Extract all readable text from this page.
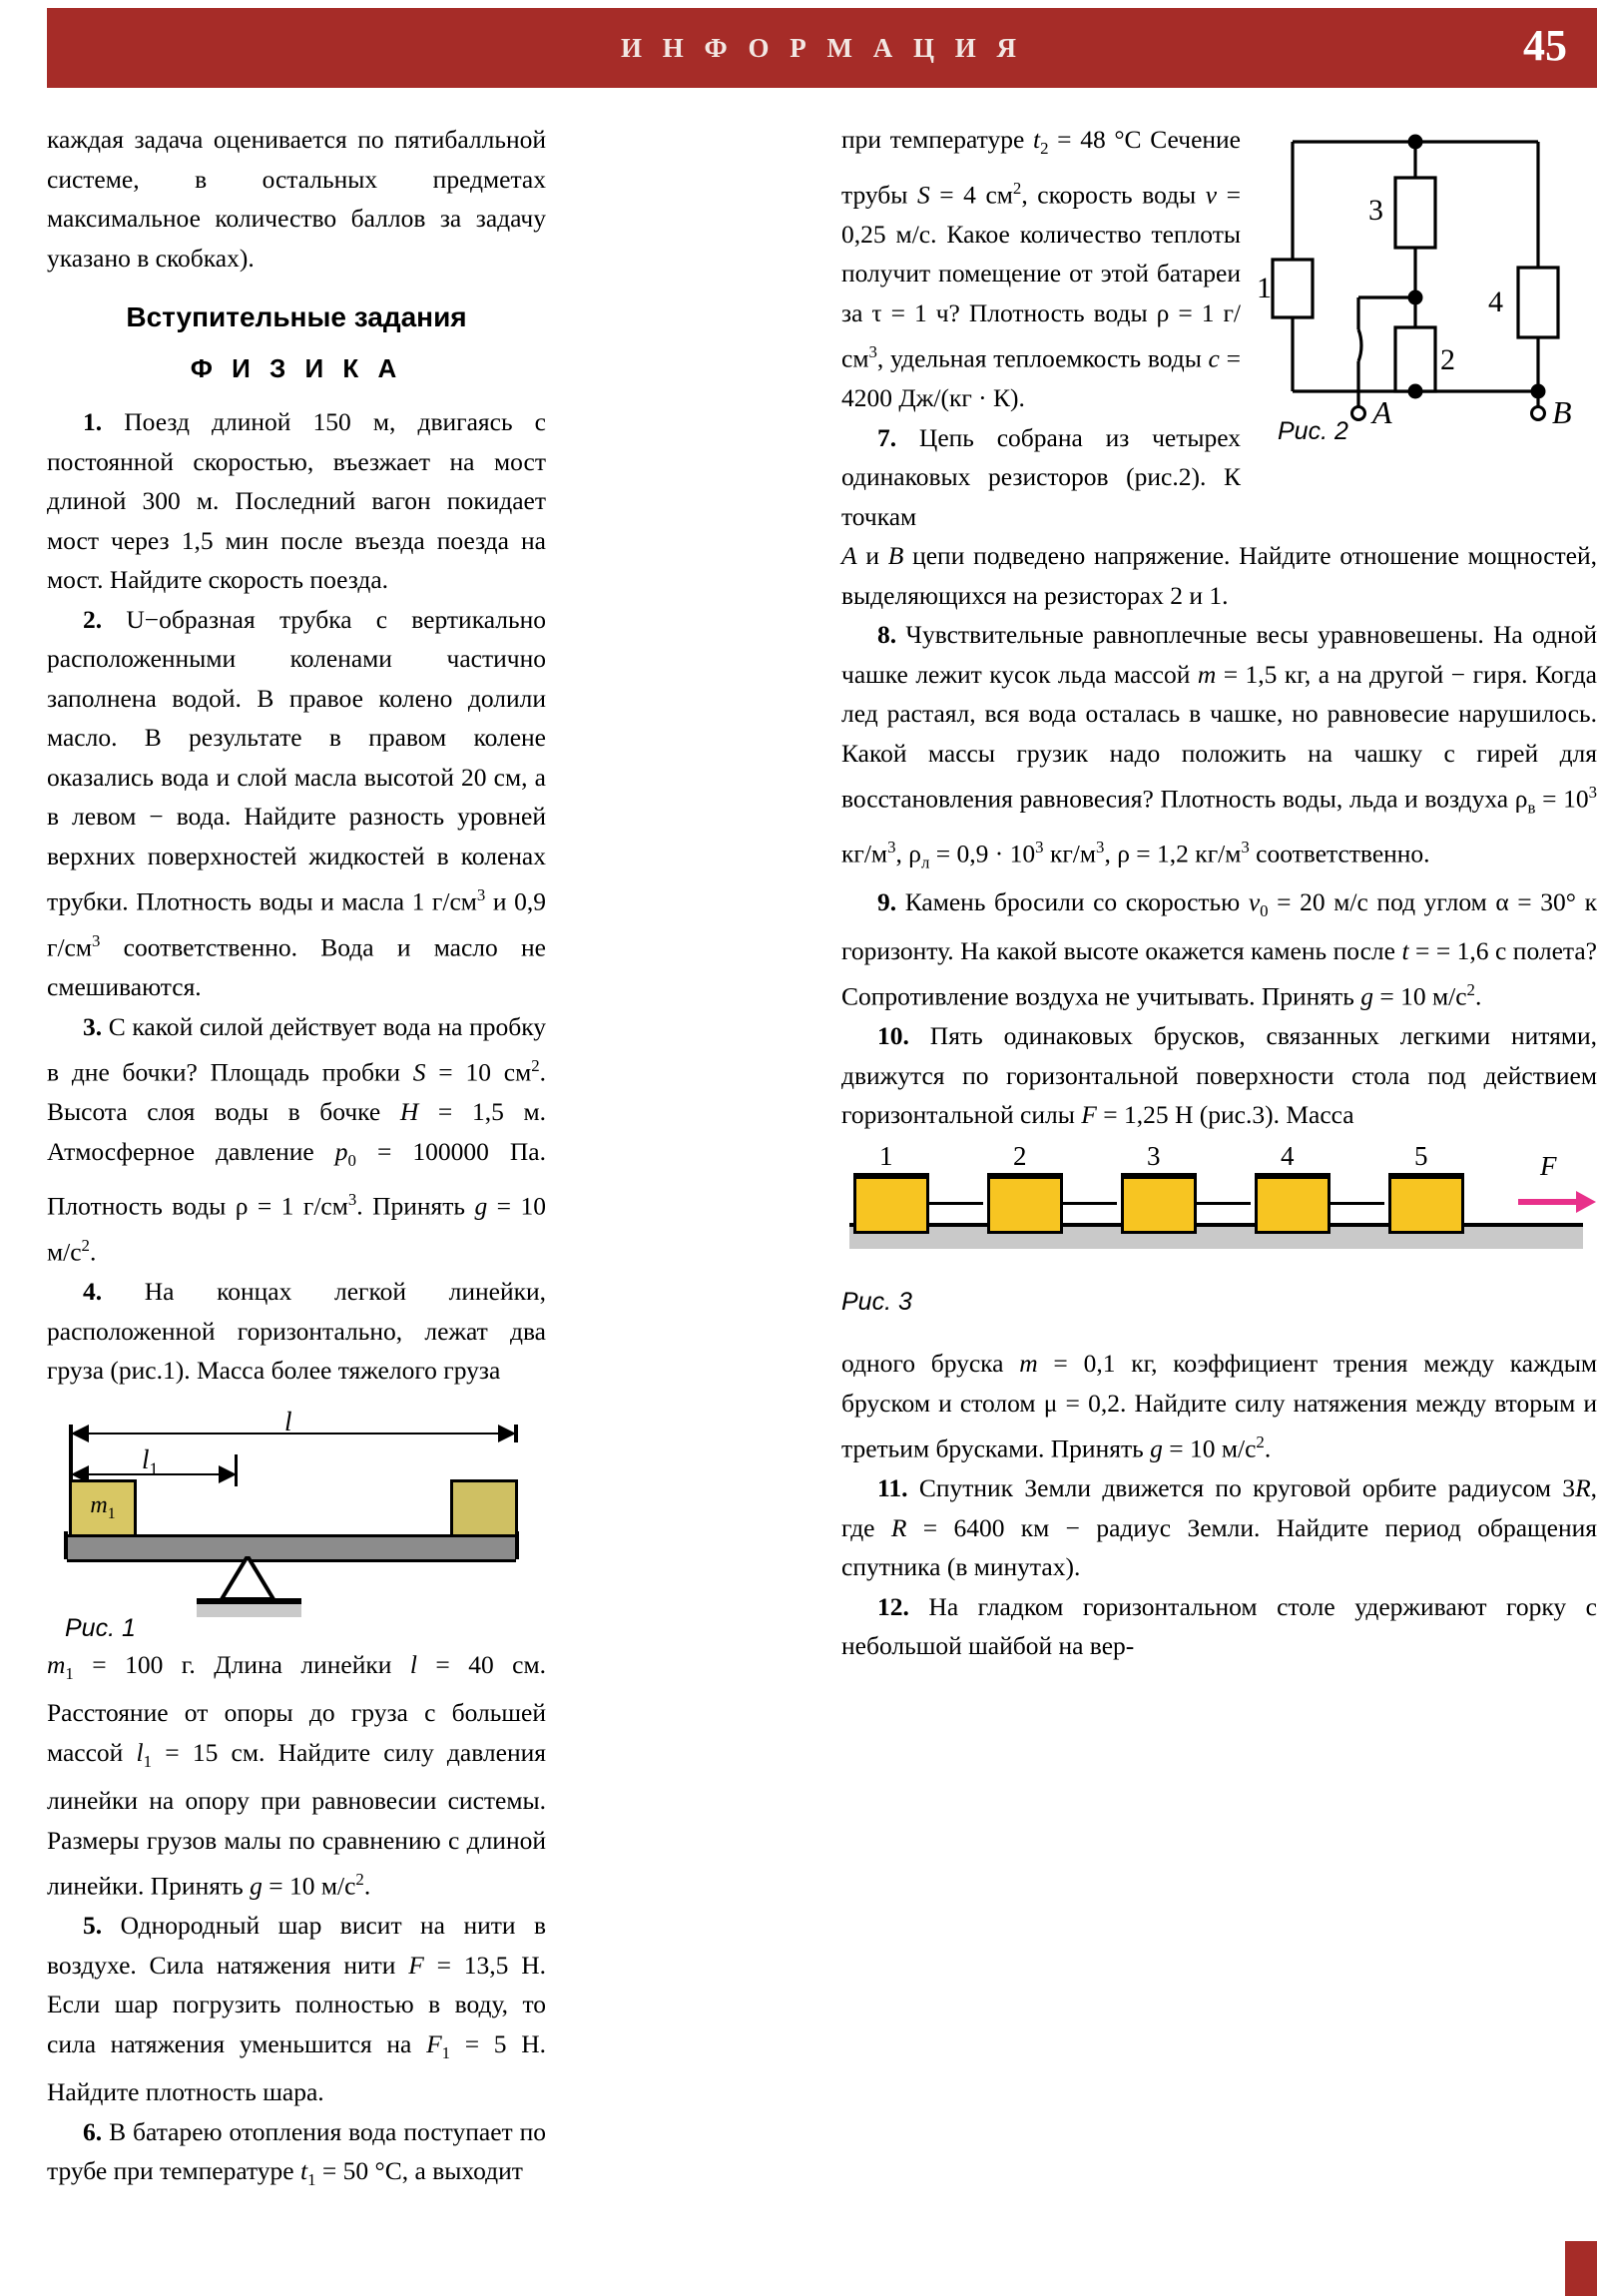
И Н Ф О Р М А Ц И Я	45

каждая задача оценивается по пятибалльной системе, в остальных предметах максимальное количество баллов за задачу указано в скобках).

Вступительные задания

Ф И З И К А

1. Поезд длиной 150 м, двигаясь с постоянной скоростью, въезжает на мост длиной 300 м. Последний вагон покидает мост через 1,5 мин после въезда поезда на мост. Найдите скорость поезда.

2. U−образная трубка с вертикально расположенными коленами частично заполнена водой. В правое колено долили масло. В результате в правом колене оказались вода и слой масла высотой 20 см, а в левом − вода. Найдите разность уровней верхних поверхностей жидкостей в коленах трубки. Плотность воды и масла 1 $г/см^3$ и 0,9 $г/см^3$ соответственно. Вода и масло не смешиваются.

3. С какой силой действует вода на пробку в дне бочки? Площадь пробки S = 10 $см^2$. Высота слоя воды в бочке H = 1,5 м. Атмосферное давление $p_0 = 100000$ Па. Плотность воды ρ = 1 $г/см^3$. Принять g = 10 $м/с^2$.

4. На концах легкой линейки, расположенной горизонтально, лежат два груза (рис.1). Масса более тяжелого груза

l
$l_1$
$m_1$
Рис. 1

$m_1 = 100$ г. Длина линейки l = 40 см. Расстояние от опоры до груза с большей массой $l_1 = 15$ см. Найдите силу давления линейки на опору при равновесии системы. Размеры грузов малы по сравнению с длиной линейки. Принять g = 10 $м/с^2$.

5. Однородный шар висит на нити в воздухе. Сила натяжения нити F = 13,5 Н. Если шар погрузить полностью в воду, то сила натяжения уменьшится на $F_1 = 5$ Н. Найдите плотность шара.

6. В батарею отопления вода поступает по трубе при температуре $t_1 = 50$ °С, а выходит

при температуре $t_2 = 48$ °С Сечение трубы S = 4 $см^2$, скорость воды v = 0,25 м/с. Какое количество теплоты получит помещение от этой батареи за τ = 1 ч? Плотность воды ρ = 1 $г/см^3$, удельная теплоемкость воды c = 4200 Дж/(кг · К).

7. Цепь собрана из четырех одинаковых резисторов (рис.2). К точкам

A и B цепи подведено напряжение. Найдите отношение мощностей, выделяющихся на резисторах 2 и 1.

8. Чувствительные равноплечные весы уравновешены. На одной чашке лежит кусок льда массой m = 1,5 кг, а на другой − гиря. Когда лед растаял, вся вода осталась в чашке, но равновесие нарушилось. Какой массы грузик надо положить на чашку с гирей для восстановления равновесия? Плотность воды, льда и воздуха $\rho_в = 10^3$ $кг/м^3$, $\rho_л = 0,9 \cdot 10^3$ $кг/м^3$, ρ = 1,2 $кг/м^3$ соответственно.

9. Камень бросили со скоростью $v_0 = 20$ м/с под углом α = 30° к горизонту. На какой высоте окажется камень после t = = 1,6 с полета? Сопротивление воздуха не учитывать. Принять g = 10 $м/с^2$.

10. Пять одинаковых брусков, связанных легкими нитями, движутся по горизонтальной поверхности стола под действием горизонтальной силы F = 1,25 Н (рис.3). Масса

1	2	3	4	5	F
Рис. 3

одного бруска m = 0,1 кг, коэффициент трения между каждым бруском и столом μ = 0,2. Найдите силу натяжения между вторым и третьим брусками. Принять g = 10 $м/с^2$.

11. Спутник Земли движется по круговой орбите радиусом 3R, где R = 6400 км − радиус Земли. Найдите период обращения спутника (в минутах).

12. На гладком горизонтальном столе удерживают горку с небольшой шайбой на вер-

1
3
2
4
A	B
Рис. 2
